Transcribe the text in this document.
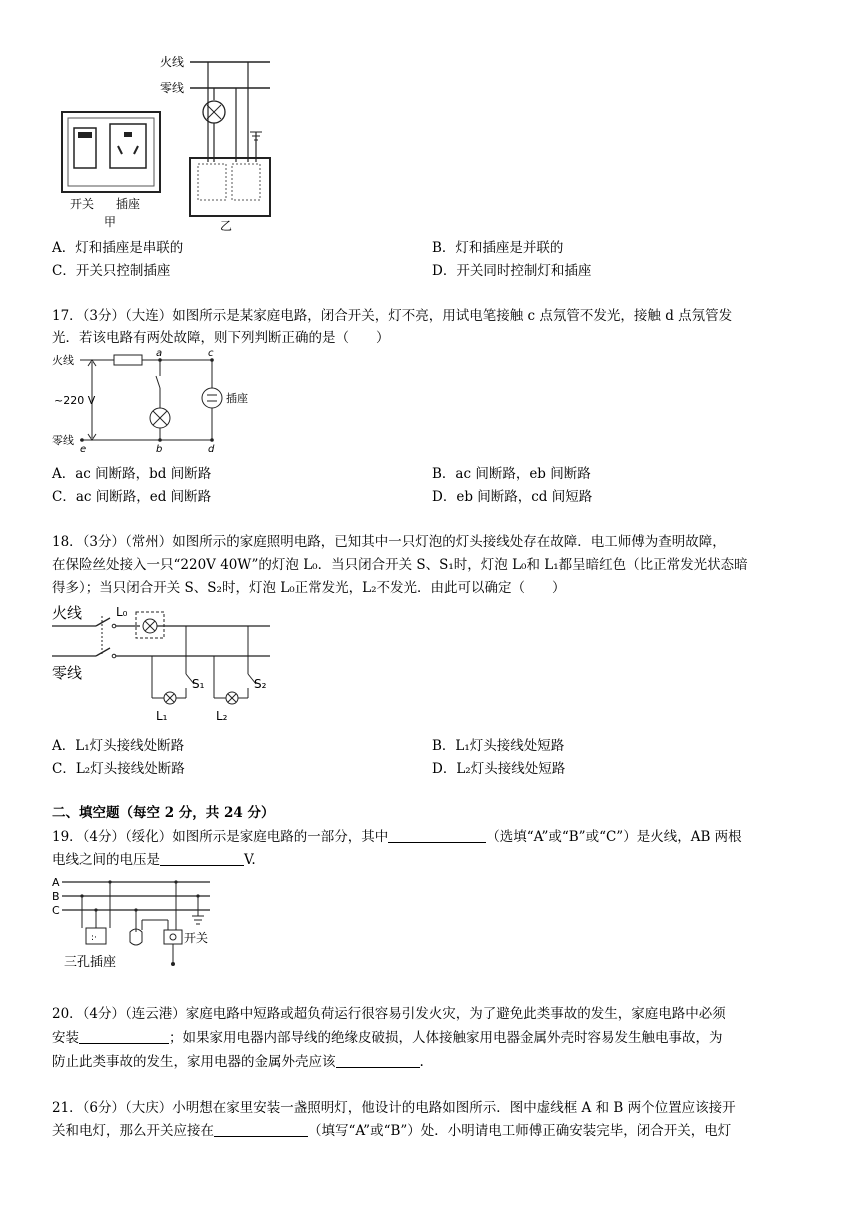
开关 插座
甲
火线
零线
乙
A．灯和插座是串联的	B．灯和插座是并联的
C．开关只控制插座	D．开关同时控制灯和插座
17．（3分）（大连）如图所示是某家庭电路，闭合开关，灯不亮，用试电笔接触 c 点氖管不发光，接触 d 点氖管发
光．若该电路有两处故障，则下列判断正确的是（　　）
火线
零线
~220 V	插座
a	c
b	d
e
A．ac 间断路，bd 间断路	B．ac 间断路，eb 间断路
C．ac 间断路，ed 间断路	D．eb 间断路，cd 间短路
18．（3分）（常州）如图所示的家庭照明电路，已知其中一只灯泡的灯头接线处存在故障．电工师傅为查明故障，
在保险丝处接入一只“220V 40W”的灯泡 L₀．当只闭合开关 S、S₁时，灯泡 L₀和 L₁都呈暗红色（比正常发光状态暗
得多）；当只闭合开关 S、S₂时，灯泡 L₀正常发光，L₂不发光．由此可以确定（　　）
火线
零线
L₀
S₁
L₁
S₂
L₂
A．L₁灯头接线处断路	B．L₁灯头接线处短路
C．L₂灯头接线处断路	D．L₂灯头接线处短路
二、填空题（每空 2 分，共 24 分）
19．（4分）（绥化）如图所示是家庭电路的一部分，其中	（选填“A”或“B”或“C”）是火线，AB 两根
电线之间的电压是	V.
A
B
C
:·	开关
三孔插座
20．（4分）（连云港）家庭电路中短路或超负荷运行很容易引发火灾，为了避免此类事故的发生，家庭电路中必须
安装	；如果家用电器内部导线的绝缘皮破损，人体接触家用电器金属外壳时容易发生触电事故，为
防止此类事故的发生，家用电器的金属外壳应该	.
21．（6分）（大庆）小明想在家里安装一盏照明灯，他设计的电路如图所示．图中虚线框 A 和 B 两个位置应该接开
关和电灯，那么开关应接在	（填写“A”或“B”）处．小明请电工师傅正确安装完毕，闭合开关，电灯
